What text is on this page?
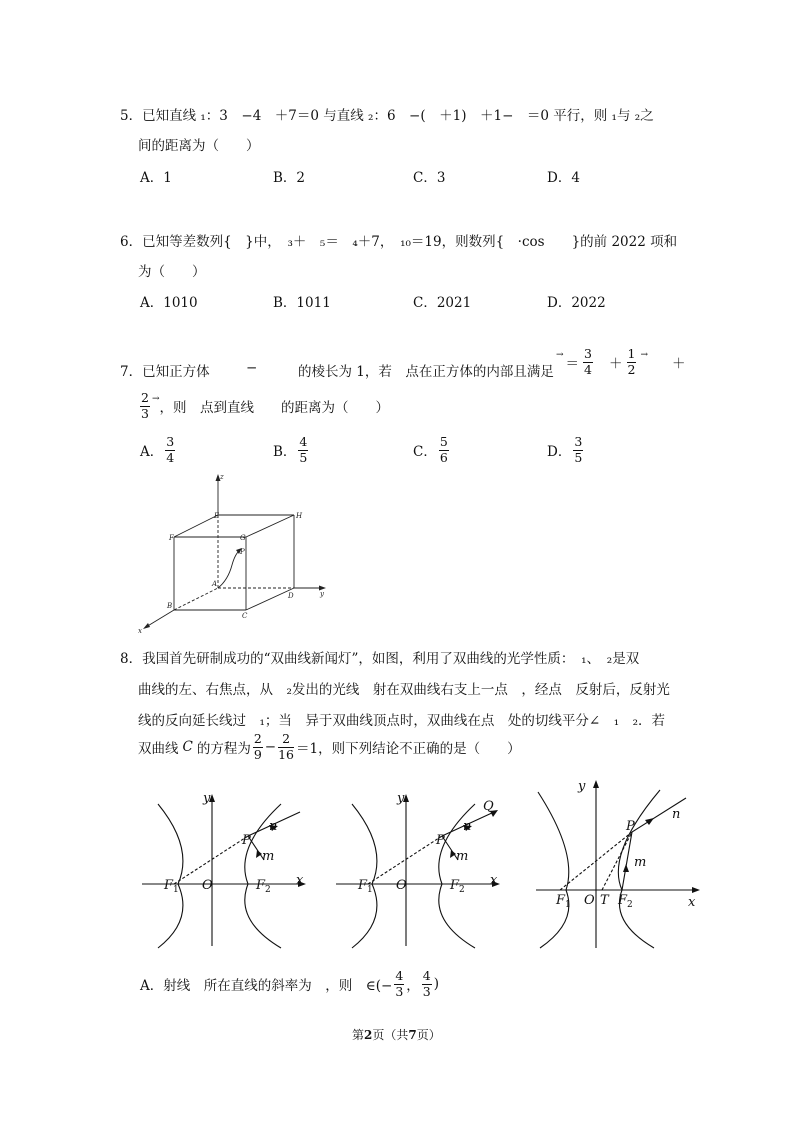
5．已知直线 ₁：3　−4　＋7＝0 与直线 ₂：6　−(　＋1)　＋1−　＝0 平行，则 ₁与 ₂之
间的距离为（　　）
A．1	B．2	C．3	D．4
6．已知等差数列{　}中，　₃＋　₅＝　₄＋7，　₁₀＝19，则数列{　·cos　　}的前 2022 项和
为（　　）
A．1010	B．1011	C．2021	D．2022
7．已知正方体	−	的棱长为 1，若　点在正方体的内部且满足
→
＝ $\frac{3}{4} + \frac{1}{2}$ →
＋
$\frac{2}{3}$ →
，则　点到直线　　的距离为（　　）
A． $\frac{3}{4}$	B． $\frac{4}{5}$	C． $\frac{5}{6}$	D． $\frac{3}{5}$
z
E	H
F	G
P
A
D
B
C
x
y
8．我国首先研制成功的“双曲线新闻灯”，如图，利用了双曲线的光学性质：　₁、　₂是双
曲线的左、右焦点，从　₂发出的光线　射在双曲线右支上一点　，经点　反射后，反射光
线的反向延长线过　₁；当　异于双曲线顶点时，双曲线在点　处的切线平分∠　₁　₂．若
双曲线 C 的方程为 $\frac{2}{9} - \frac{2}{16} =1$，则下列结论不正确的是（　　）
y
x
O
P
n
m
$F_1$	$F_2$
y
x
O
P
n
Q
m
$F_1$	$F_2$
y
x
O T
P
n
m
$F_1$	$F_2$
A．射线　所在直线的斜率为　，则　∈(− $\frac{4}{3}$ ， $\frac{4}{3}$ )
第2页（共7页）
